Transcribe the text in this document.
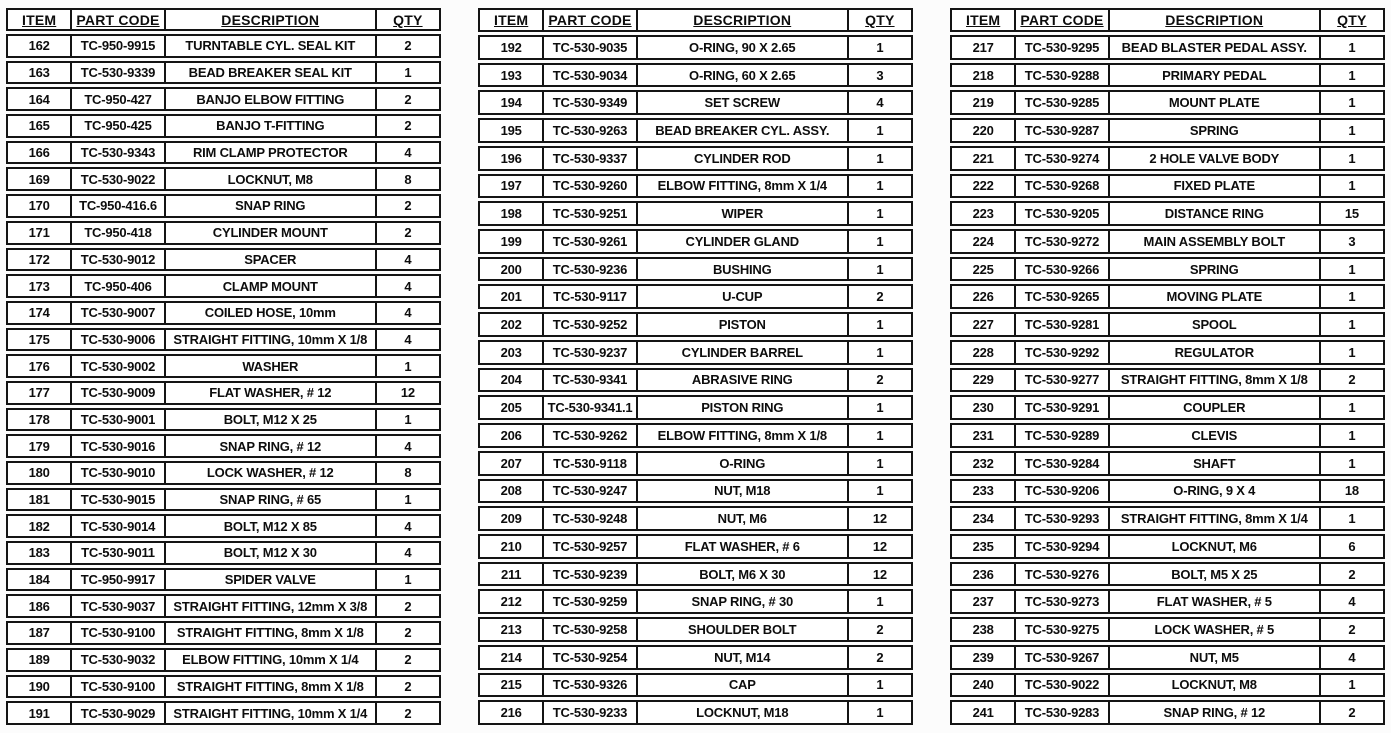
ITEM	PART CODE	DESCRIPTION	QTY
162	TC-950-9915	TURNTABLE CYL. SEAL KIT	2
163	TC-530-9339	BEAD BREAKER SEAL KIT	1
164	TC-950-427	BANJO ELBOW FITTING	2
165	TC-950-425	BANJO T-FITTING	2
166	TC-530-9343	RIM CLAMP PROTECTOR	4
169	TC-530-9022	LOCKNUT, M8	8
170	TC-950-416.6	SNAP RING	2
171	TC-950-418	CYLINDER MOUNT	2
172	TC-530-9012	SPACER	4
173	TC-950-406	CLAMP MOUNT	4
174	TC-530-9007	COILED HOSE, 10mm	4
175	TC-530-9006	STRAIGHT FITTING, 10mm X 1/8	4
176	TC-530-9002	WASHER	1
177	TC-530-9009	FLAT WASHER, # 12	12
178	TC-530-9001	BOLT, M12 X 25	1
179	TC-530-9016	SNAP RING, # 12	4
180	TC-530-9010	LOCK WASHER, # 12	8
181	TC-530-9015	SNAP RING, # 65	1
182	TC-530-9014	BOLT, M12 X 85	4
183	TC-530-9011	BOLT, M12 X 30	4
184	TC-950-9917	SPIDER VALVE	1
186	TC-530-9037	STRAIGHT FITTING, 12mm X 3/8	2
187	TC-530-9100	STRAIGHT FITTING, 8mm X 1/8	2
189	TC-530-9032	ELBOW FITTING, 10mm X 1/4	2
190	TC-530-9100	STRAIGHT FITTING, 8mm X 1/8	2
191	TC-530-9029	STRAIGHT FITTING, 10mm X 1/4	2
ITEM	PART CODE	DESCRIPTION	QTY
192	TC-530-9035	O-RING, 90 X 2.65	1
193	TC-530-9034	O-RING, 60 X 2.65	3
194	TC-530-9349	SET SCREW	4
195	TC-530-9263	BEAD BREAKER CYL. ASSY.	1
196	TC-530-9337	CYLINDER ROD	1
197	TC-530-9260	ELBOW FITTING, 8mm X 1/4	1
198	TC-530-9251	WIPER	1
199	TC-530-9261	CYLINDER GLAND	1
200	TC-530-9236	BUSHING	1
201	TC-530-9117	U-CUP	2
202	TC-530-9252	PISTON	1
203	TC-530-9237	CYLINDER BARREL	1
204	TC-530-9341	ABRASIVE RING	2
205	TC-530-9341.1	PISTON RING	1
206	TC-530-9262	ELBOW FITTING, 8mm X 1/8	1
207	TC-530-9118	O-RING	1
208	TC-530-9247	NUT, M18	1
209	TC-530-9248	NUT, M6	12
210	TC-530-9257	FLAT WASHER, # 6	12
211	TC-530-9239	BOLT, M6 X 30	12
212	TC-530-9259	SNAP RING, # 30	1
213	TC-530-9258	SHOULDER BOLT	2
214	TC-530-9254	NUT, M14	2
215	TC-530-9326	CAP	1
216	TC-530-9233	LOCKNUT, M18	1
ITEM	PART CODE	DESCRIPTION	QTY
217	TC-530-9295	BEAD BLASTER PEDAL ASSY.	1
218	TC-530-9288	PRIMARY PEDAL	1
219	TC-530-9285	MOUNT PLATE	1
220	TC-530-9287	SPRING	1
221	TC-530-9274	2 HOLE VALVE BODY	1
222	TC-530-9268	FIXED PLATE	1
223	TC-530-9205	DISTANCE RING	15
224	TC-530-9272	MAIN ASSEMBLY BOLT	3
225	TC-530-9266	SPRING	1
226	TC-530-9265	MOVING PLATE	1
227	TC-530-9281	SPOOL	1
228	TC-530-9292	REGULATOR	1
229	TC-530-9277	STRAIGHT FITTING, 8mm X 1/8	2
230	TC-530-9291	COUPLER	1
231	TC-530-9289	CLEVIS	1
232	TC-530-9284	SHAFT	1
233	TC-530-9206	O-RING, 9 X 4	18
234	TC-530-9293	STRAIGHT FITTING, 8mm X 1/4	1
235	TC-530-9294	LOCKNUT, M6	6
236	TC-530-9276	BOLT, M5 X 25	2
237	TC-530-9273	FLAT WASHER, # 5	4
238	TC-530-9275	LOCK WASHER, # 5	2
239	TC-530-9267	NUT, M5	4
240	TC-530-9022	LOCKNUT, M8	1
241	TC-530-9283	SNAP RING, # 12	2
